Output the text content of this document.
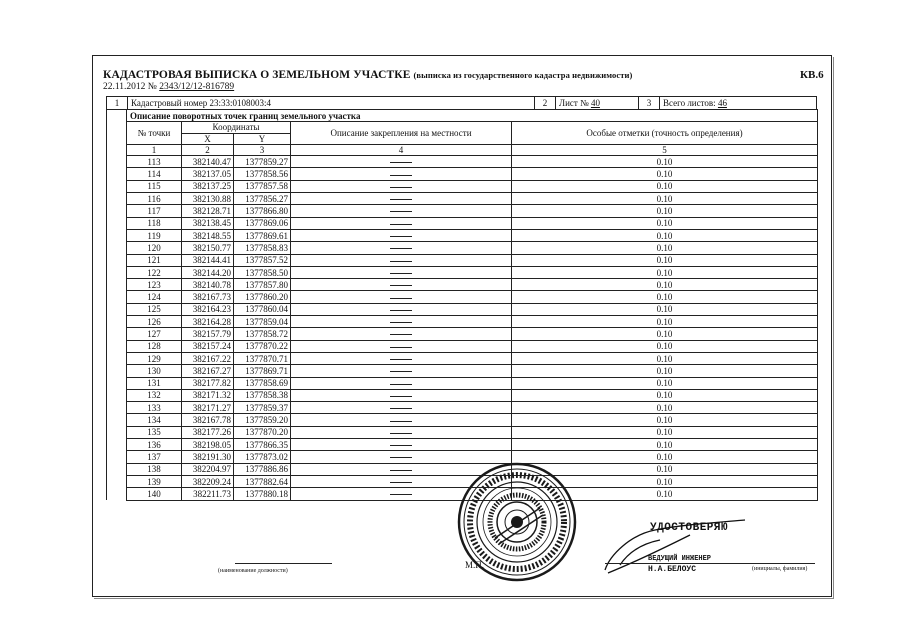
КАДАСТРОВАЯ ВЫПИСКА О ЗЕМЕЛЬНОМ УЧАСТКЕ (выписка из государственного кадастра недвижимости)	КВ.6
22.11.2012 № 2343/12/12-816789
1	Кадастровый номер 23:33:0108003:4	2	Лист № 40	3	Всего листов: 46
	Описание поворотных точек границ земельного участка				
	№ точки	Координаты		Описание закрепления на местности	Особые отметки (точность определения)
		X	Y		
	1	2	3	4	5
	113	382140.47	1377859.27		0.10
	114	382137.05	1377858.56		0.10
	115	382137.25	1377857.58		0.10
	116	382130.88	1377856.27		0.10
	117	382128.71	1377866.80		0.10
	118	382138.45	1377869.06		0.10
	119	382148.55	1377869.61		0.10
	120	382150.77	1377858.83		0.10
	121	382144.41	1377857.52		0.10
	122	382144.20	1377858.50		0.10
	123	382140.78	1377857.80		0.10
	124	382167.73	1377860.20		0.10
	125	382164.23	1377860.04		0.10
	126	382164.28	1377859.04		0.10
	127	382157.79	1377858.72		0.10
	128	382157.24	1377870.22		0.10
	129	382167.22	1377870.71		0.10
	130	382167.27	1377869.71		0.10
	131	382177.82	1377858.69		0.10
	132	382171.32	1377858.38		0.10
	133	382171.27	1377859.37		0.10
	134	382167.78	1377859.20		0.10
	135	382177.26	1377870.20		0.10
	136	382198.05	1377866.35		0.10
	137	382191.30	1377873.02		0.10
	138	382204.97	1377886.86		0.10
	139	382209.24	1377882.64		0.10
	140	382211.73	1377880.18		0.10
(наименование должности)
М.П.
УДОСТОВЕРЯЮ
ВЕДУЩИЙ ИНЖЕНЕР
Н.А.БЕЛОУС	(инициалы, фамилия)
